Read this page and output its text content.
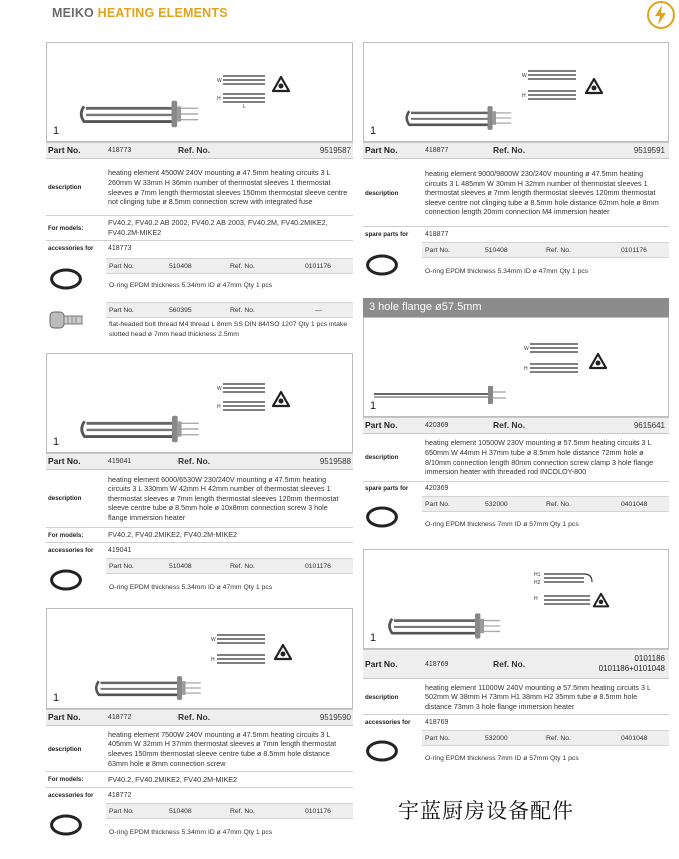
MEIKO HEATING ELEMENTS
W
H
L
1
Part No.	418773	Ref. No.	9519587
description
heating element 4500W 240V mounting ø 47.5mm heating circuits 3 L 260mm W 33mm H 36mm number of thermostat sleeves 1 thermostat sleeves ø 7mm length thermostat sleeves 150mm thermostat sleeve centre not clinging tube ø 8.5mm connection screw with integrated fuse
For models:
FV40.2, FV40.2 AB 2002, FV40.2 AB 2003, FV40.2M, FV40.2MIKE2, FV40.2M-MIKE2
accessories for	418773
Part No.	510408	Ref. No.	0101176
O-ring EPDM thickness 5.34mm ID ø 47mm Qty 1 pcs
Part No.	560395	Ref. No.	—
flat-headed bolt thread M4 thread L 8mm SS DIN 84/ISO 1207 Qty 1 pcs intake slotted head ø 7mm head thickness 2.5mm
W
H
1
Part No.	419041	Ref. No.	9519588
description
heating element 6000/6530W 230/240V mounting ø 47.5mm heating circuits 3 L 330mm W 42mm H 42mm number of thermostat sleeves 1 thermostat sleeves ø 7mm length thermostat sleeves 120mm thermostat sleeve centre tube ø 8.5mm hole ø 10x8mm connection screw 3 hole flange immersion heater
For models:	FV40.2, FV40.2MIKE2, FV40.2M-MIKE2
accessories for	419041
Part No.	510408	Ref. No.	0101176
O-ring EPDM thickness 5.34mm ID ø 47mm Qty 1 pcs
W
H
1
Part No.	418772	Ref. No.	9519590
description
heating element 7500W 240V mounting ø 47.5mm heating circuits 3 L 405mm W 32mm H 37mm thermostat sleeves ø 7mm length thermostat sleeves 150mm thermostat sleeve centre tube ø 8.5mm hole distance 63mm hole ø 8mm connection screw
For models:	FV40.2, FV40.2MIKE2, FV40.2M-MIKE2
accessories for	418772
Part No.	510408	Ref. No.	0101176
O-ring EPDM thickness 5.34mm ID ø 47mm Qty 1 pcs
W
H
1
Part No.	418877	Ref. No.	9519591
description
heating element 9000/9800W 230/240V mounting ø 47.5mm heating circuits 3 L 485mm W 30mm H 32mm number of thermostat sleeves 1 thermostat sleeves ø 7mm length thermostat sleeves 120mm thermostat sleeve centre not clinging tube ø 8.5mm hole distance 62mm hole ø 8mm connection length 20mm connection M4 immersion heater
spare parts for	418877
Part No.	510408	Ref. No.	0101176
O-ring EPDM thickness 5.34mm ID ø 47mm Qty 1 pcs
3 hole flange ø57.5mm
W
H
1
Part No.	420369	Ref. No.	9615641
description
heating element 10500W 230V mounting ø 57.5mm heating circuits 3 L 650mm W 44mm H 37mm tube ø 8.5mm hole distance 72mm hole ø 8/10mm connection length 80mm connection screw clamp 3 hole flange immersion heater with threaded rod INCOLOY-800
spare parts for	420369
Part No.	532000	Ref. No.	0401048
O-ring EPDM thickness 7mm ID ø 57mm Qty 1 pcs
H1
H2
H
1
Part No.	418769	Ref. No.	0101186
0101186+0101048
description
heating element 11000W 240V mounting ø 57.5mm heating circuits 3 L 502mm W 38mm H 73mm H1 38mm H2 35mm tube ø 8.5mm hole distance 73mm 3 hole flange immersion heater
accessories for	418769
Part No.	532000	Ref. No.	0401048
O-ring EPDM thickness 7mm ID ø 57mm Qty 1 pcs
宇蓝厨房设备配件
